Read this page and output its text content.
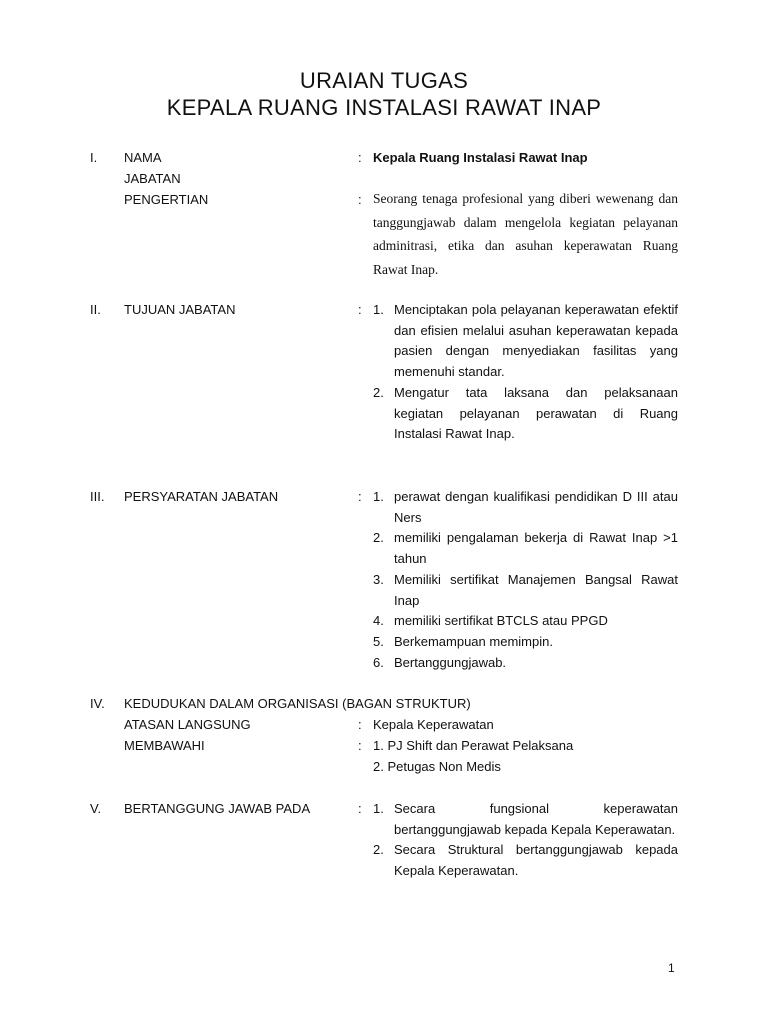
URAIAN TUGAS
KEPALA RUANG INSTALASI RAWAT INAP
I. NAMA JABATAN
: Kepala Ruang Instalasi Rawat Inap
PENGERTIAN	: Seorang tenaga profesional yang diberi wewenang dan tanggungjawab dalam mengelola kegiatan pelayanan adminitrasi, etika dan asuhan keperawatan Ruang Rawat Inap.
II. TUJUAN JABATAN	: 1. Menciptakan pola pelayanan keperawatan efektif dan efisien melalui asuhan keperawatan kepada pasien dengan menyediakan fasilitas yang memenuhi standar.
2. Mengatur tata laksana dan pelaksanaan kegiatan pelayanan perawatan di Ruang Instalasi Rawat Inap.
III. PERSYARATAN JABATAN	: 1. perawat dengan kualifikasi pendidikan D III atau Ners
2. memiliki pengalaman bekerja di Rawat Inap >1 tahun
3. Memiliki sertifikat Manajemen Bangsal Rawat Inap
4. memiliki sertifikat BTCLS atau PPGD
5. Berkemampuan memimpin.
6. Bertanggungjawab.
IV. KEDUDUKAN DALAM ORGANISASI (BAGAN STRUKTUR)
ATASAN LANGSUNG	: Kepala Keperawatan
MEMBAWAHI	: 1. PJ Shift dan Perawat Pelaksana
2. Petugas Non Medis
V. BERTANGGUNG JAWAB PADA	: 1. Secara fungsional keperawatan bertanggungjawab kepada Kepala Keperawatan.
2. Secara Struktural bertanggungjawab kepada Kepala Keperawatan.
1
